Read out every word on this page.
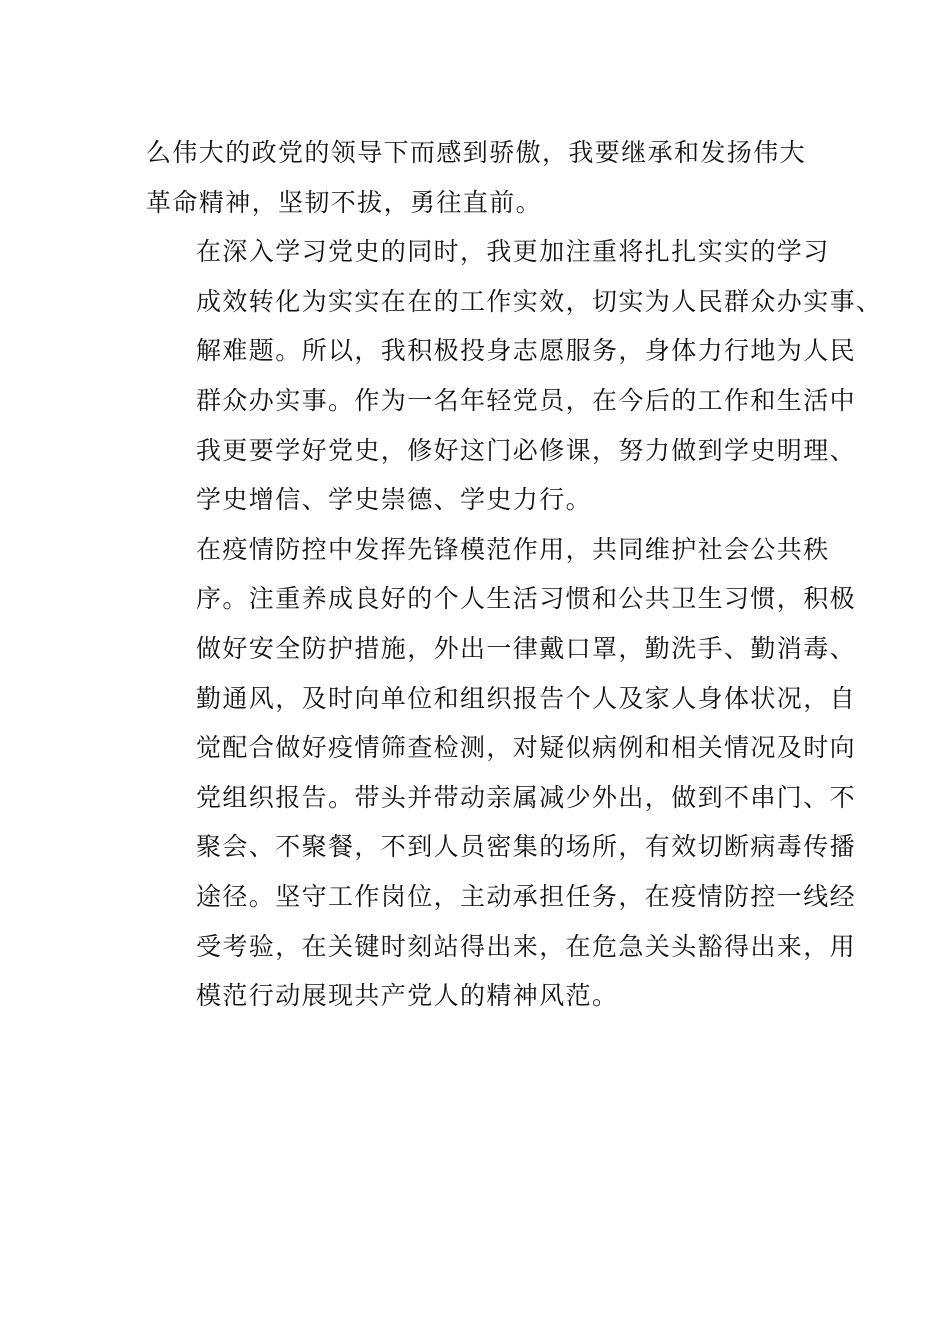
么伟大的政党的领导下而感到骄傲，我要继承和发扬伟大
革命精神，坚韧不拔，勇往直前。

在深入学习党史的同时，我更加注重将扎扎实实的学习
成效转化为实实在在的工作实效，切实为人民群众办实事、
解难题。所以，我积极投身志愿服务，身体力行地为人民
群众办实事。作为一名年轻党员，在今后的工作和生活中
我更要学好党史，修好这门必修课，努力做到学史明理、
学史增信、学史崇德、学史力行。

在疫情防控中发挥先锋模范作用，共同维护社会公共秩
序。注重养成良好的个人生活习惯和公共卫生习惯，积极
做好安全防护措施，外出一律戴口罩，勤洗手、勤消毒、
勤通风，及时向单位和组织报告个人及家人身体状况，自
觉配合做好疫情筛查检测，对疑似病例和相关情况及时向
党组织报告。带头并带动亲属减少外出，做到不串门、不
聚会、不聚餐，不到人员密集的场所，有效切断病毒传播
途径。坚守工作岗位，主动承担任务，在疫情防控一线经
受考验，在关键时刻站得出来，在危急关头豁得出来，用
模范行动展现共产党人的精神风范。
